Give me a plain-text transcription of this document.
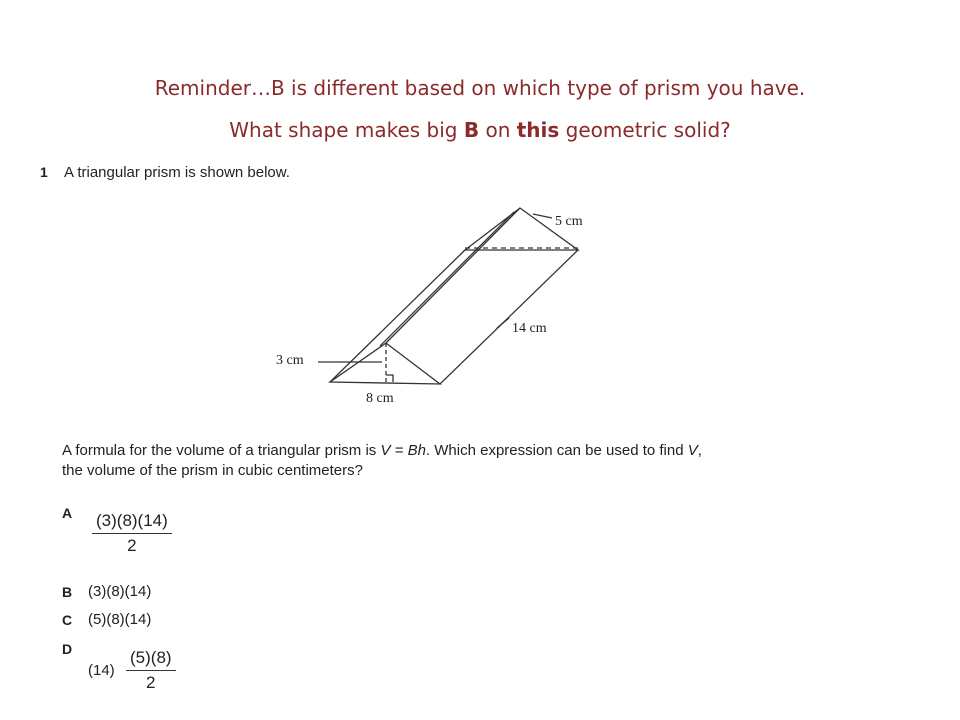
Reminder…B is different based on which type of prism you have.
What shape makes big B on this geometric solid?
1 A triangular prism is shown below.
5 cm
14 cm
3 cm
8 cm
A formula for the volume of a triangular prism is V = Bh. Which expression can be used to find V,
the volume of the prism in cubic centimeters?
A $\frac{(3)(8)(14)}{2}$
B (3)(8)(14)
C (5)(8)(14)
D
$(14) \frac{(5)(8)}{2}$
